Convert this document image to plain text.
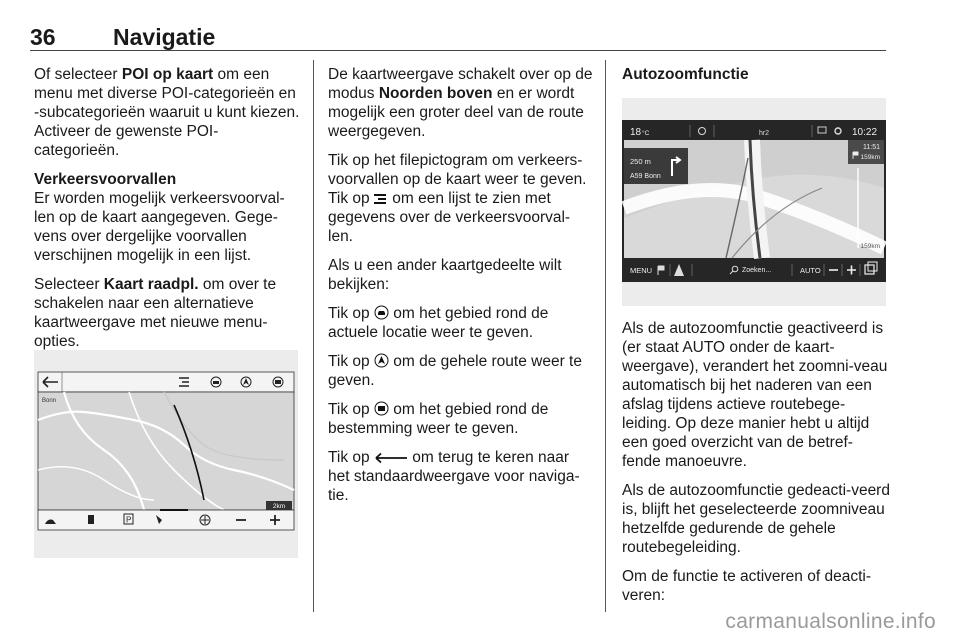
36 Navigatie

Of selecteer POI op kaart om een menu met diverse POI-categorieën en -subcategorieën waaruit u kunt kiezen. Activeer de gewenste POI-categorieën.

Verkeersvoorvallen
Er worden mogelijk verkeersvoorval-len op de kaart aangegeven. Gege-vens over dergelijke voorvallen verschijnen mogelijk in een lijst.

Selecteer Kaart raadpl. om over te schakelen naar een alternatieve kaartweergave met nieuwe menu-opties.

Bonn
2km
P

De kaartweergave schakelt over op de modus Noorden boven en er wordt mogelijk een groter deel van de route weergegeven.

Tik op het filepictogram om verkeers-voorvallen op de kaart weer te geven. Tik op  om een lijst te zien met gegevens over de verkeersvoorval-len.

Als u een ander kaartgedeelte wilt bekijken:

Tik op  om het gebied rond de actuele locatie weer te geven.

Tik op  om de gehele route weer te geven.

Tik op  om het gebied rond de bestemming weer te geven.

Tik op  om terug te keren naar het standaardweergave voor naviga-tie.

Autozoomfunctie

18 °C	hr2	10:22
250 m
A59 Bonn
11:51
159km
159km
MENU	Zoeken...	AUTO

Als de autozoomfunctie geactiveerd is (er staat AUTO onder de kaart-weergave), verandert het zoomni-veau automatisch bij het naderen van een afslag tijdens actieve routebege-leiding. Op deze manier hebt u altijd een goed overzicht van de betref-fende manoeuvre.

Als de autozoomfunctie gedeacti-veerd is, blijft het geselecteerde zoomniveau hetzelfde gedurende de gehele routebegeleiding.

Om de functie te activeren of deacti-veren:

carmanualsonline.info
